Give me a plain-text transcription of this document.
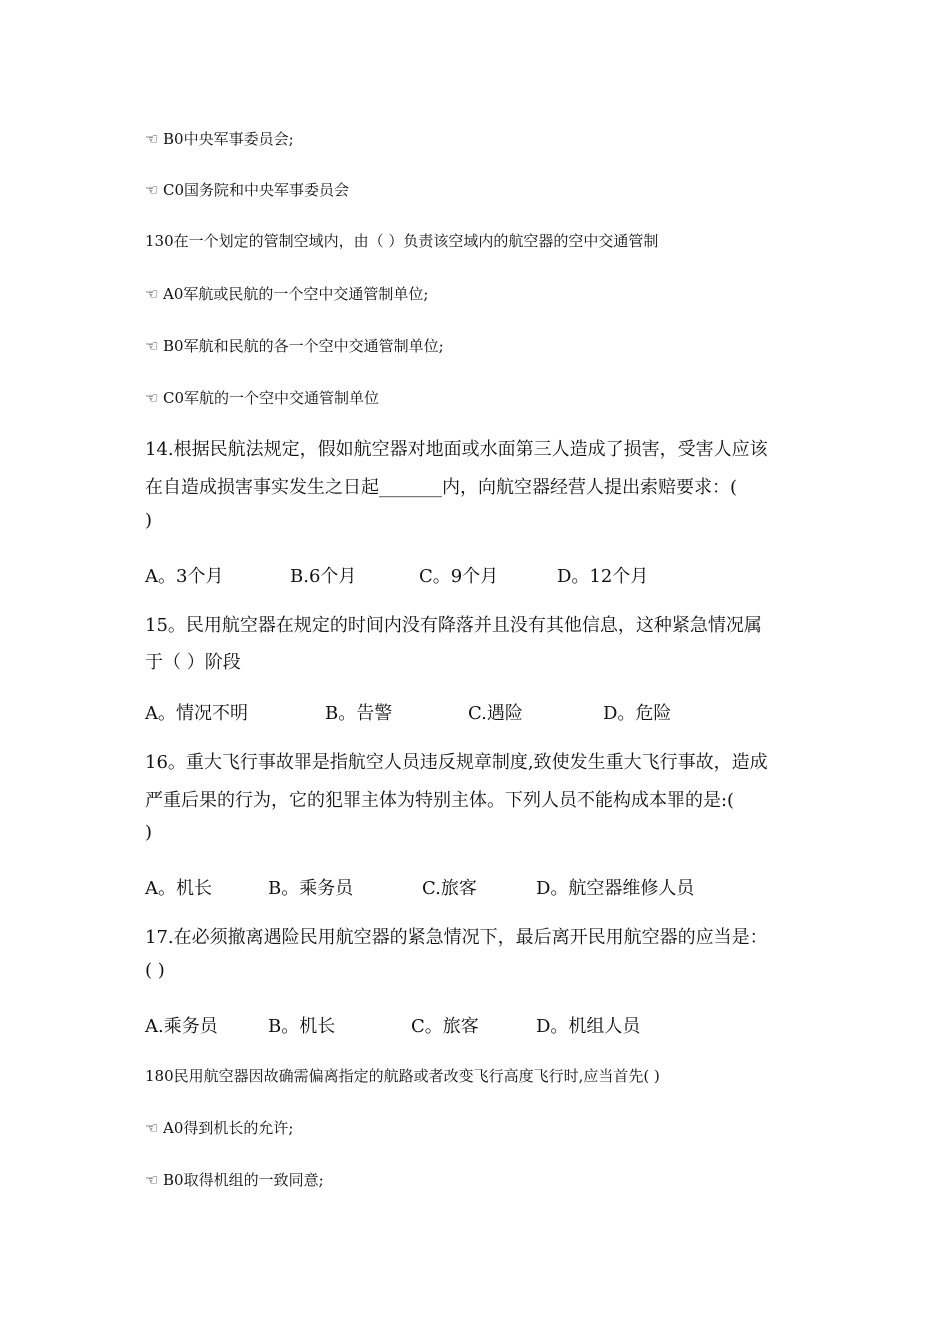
☜ B0中央军事委员会;

☜ C0国务院和中央军事委员会

130在一个划定的管制空域内，由（ ）负责该空域内的航空器的空中交通管制

☜ A0军航或民航的一个空中交通管制单位;

☜ B0军航和民航的各一个空中交通管制单位;

☜ C0军航的一个空中交通管制单位

14.根据民航法规定，假如航空器对地面或水面第三人造成了损害，受害人应该

在自造成损害事实发生之日起_______内，向航空器经营人提出索赔要求：(

)

A。3个月	B.6个月	C。9个月	D。12个月

15。民用航空器在规定的时间内没有降落并且没有其他信息，这种紧急情况属

于（ ）阶段

A。情况不明	B。告警	C.遇险	D。危险

16。重大飞行事故罪是指航空人员违反规章制度,致使发生重大飞行事故，造成

严重后果的行为，它的犯罪主体为特别主体。下列人员不能构成本罪的是:(

)

A。机长	B。乘务员	C.旅客	D。航空器维修人员

17.在必须撤离遇险民用航空器的紧急情况下，最后离开民用航空器的应当是：

( )

A.乘务员	B。机长	C。旅客	D。机组人员

180民用航空器因故确需偏离指定的航路或者改变飞行高度飞行时,应当首先( )

☜ A0得到机长的允许;

☜ B0取得机组的一致同意;
